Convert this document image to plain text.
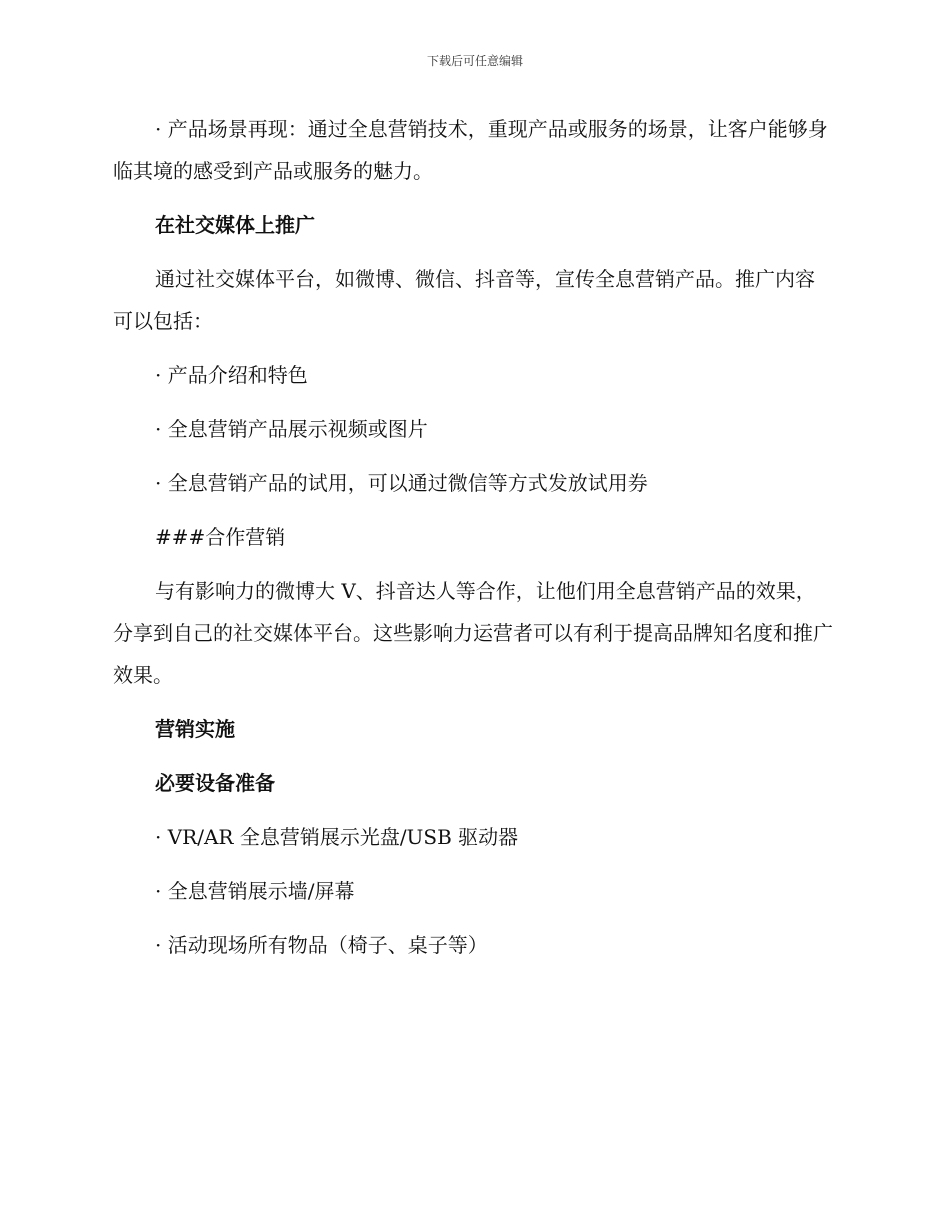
下载后可任意编辑

· 产品场景再现：通过全息营销技术，重现产品或服务的场景，让客户能够身临其境的感受到产品或服务的魅力。

在社交媒体上推广

通过社交媒体平台，如微博、微信、抖音等，宣传全息营销产品。推广内容可以包括：

· 产品介绍和特色

· 全息营销产品展示视频或图片

· 全息营销产品的试用，可以通过微信等方式发放试用券

###合作营销

与有影响力的微博大 V、抖音达人等合作，让他们用全息营销产品的效果，分享到自己的社交媒体平台。这些影响力运营者可以有利于提高品牌知名度和推广效果。

营销实施

必要设备准备

· VR/AR 全息营销展示光盘/USB 驱动器

· 全息营销展示墙/屏幕

· 活动现场所有物品（椅子、桌子等）
